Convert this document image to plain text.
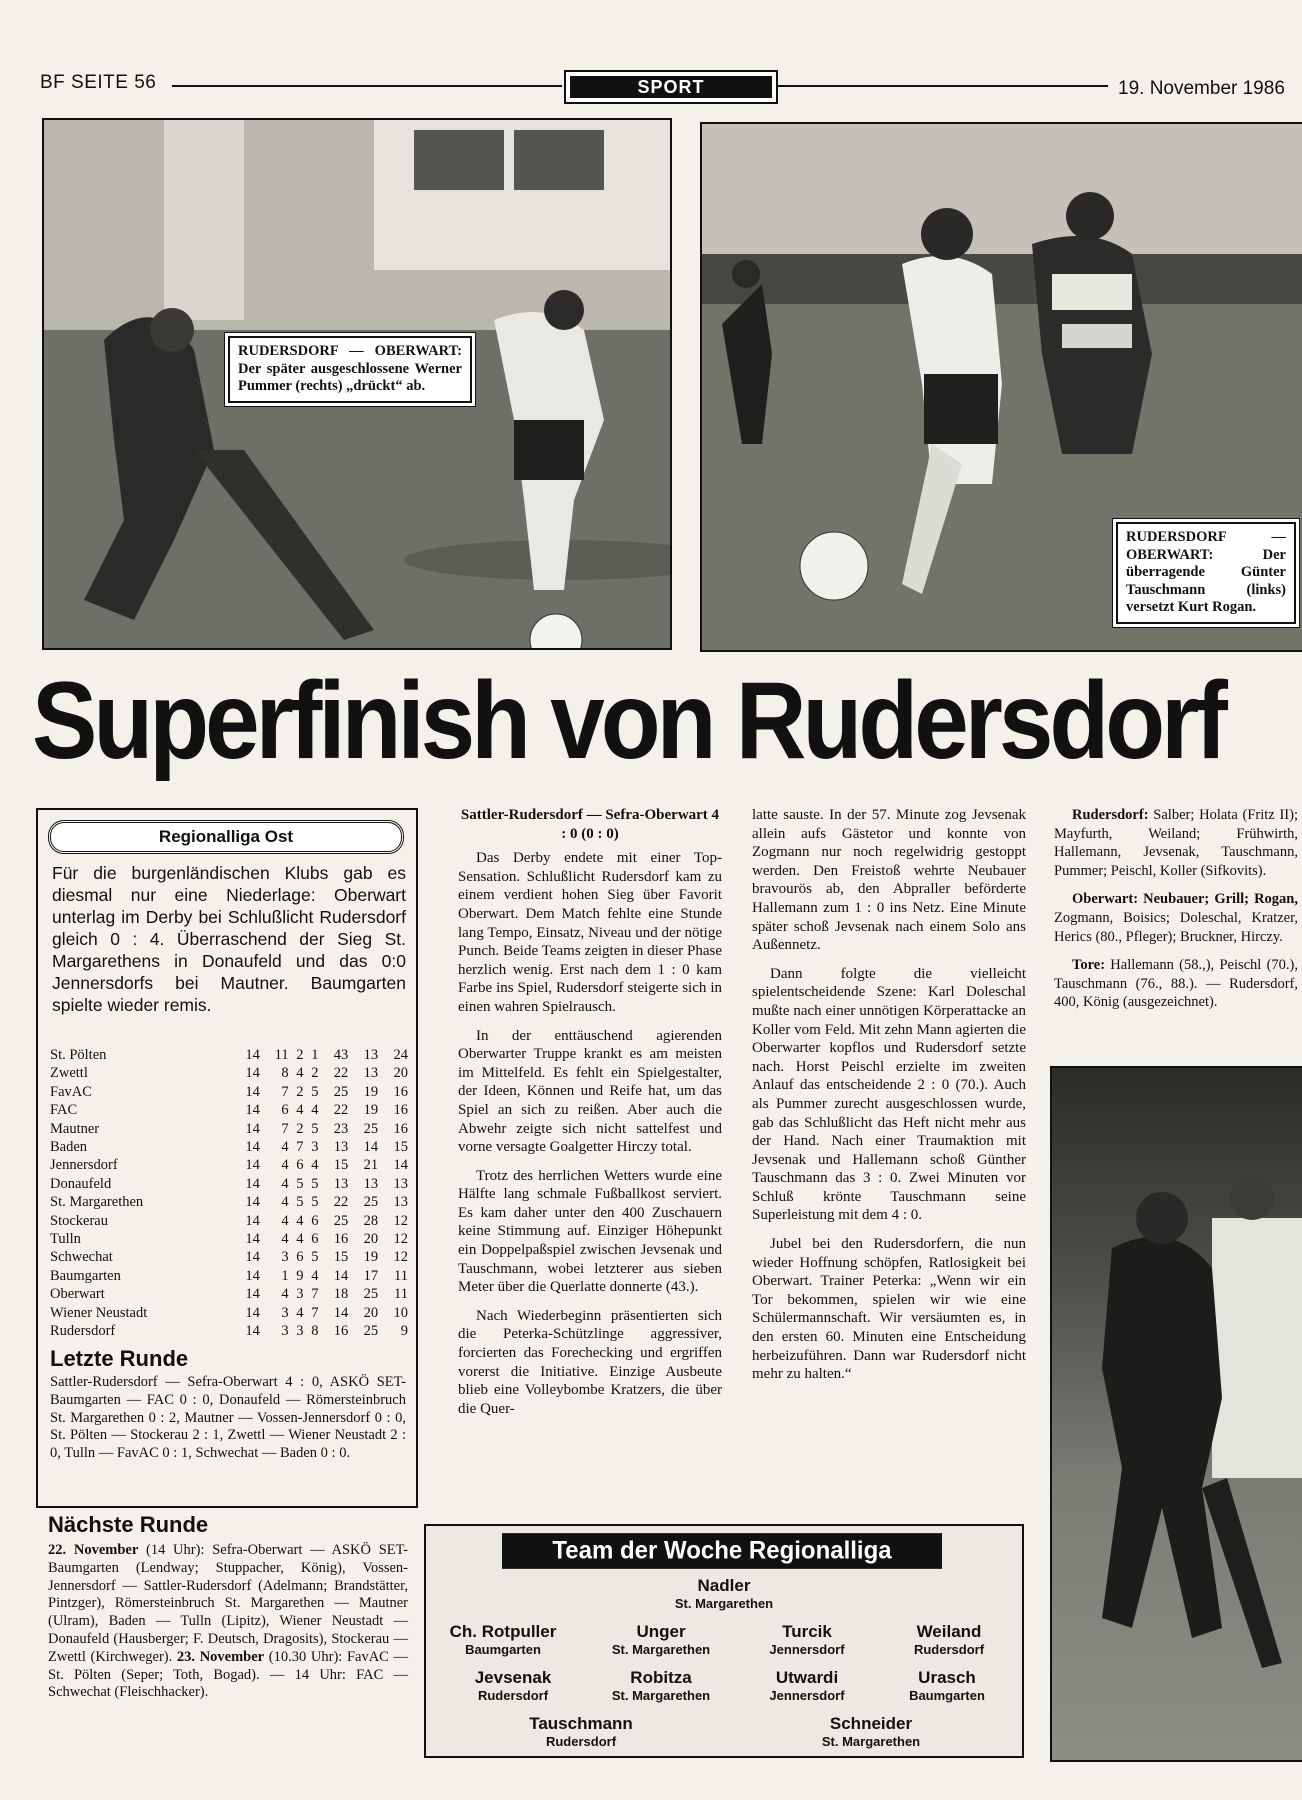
BF SEITE 56	SPORT	19. November 1986
RUDERSDORF — OBERWART: Der später ausgeschlossene Werner Pummer (rechts) „drückt“ ab.
RUDERSDORF — OBERWART: Der überragende Günter Tauschmann (links) versetzt Kurt Rogan.
Superfinish von Rudersdorf
Regionalliga Ost
Für die burgenländischen Klubs gab es diesmal nur eine Niederlage: Oberwart unterlag im Derby bei Schlußlicht Rudersdorf gleich 0 : 4. Überraschend der Sieg St. Margarethens in Donaufeld und das 0:0 Jennersdorfs bei Mautner. Baumgarten spielte wieder remis.
St. Pölten	14	11	2	1	43	13	24
Zwettl	14	8	4	2	22	13	20
FavAC	14	7	2	5	25	19	16
FAC	14	6	4	4	22	19	16
Mautner	14	7	2	5	23	25	16
Baden	14	4	7	3	13	14	15
Jennersdorf	14	4	6	4	15	21	14
Donaufeld	14	4	5	5	13	13	13
St. Margarethen	14	4	5	5	22	25	13
Stockerau	14	4	4	6	25	28	12
Tulln	14	4	4	6	16	20	12
Schwechat	14	3	6	5	15	19	12
Baumgarten	14	1	9	4	14	17	11
Oberwart	14	4	3	7	18	25	11
Wiener Neustadt	14	3	4	7	14	20	10
Rudersdorf	14	3	3	8	16	25	9
Letzte Runde
Sattler-Rudersdorf — Sefra-Oberwart 4 : 0, ASKÖ SET-Baumgarten — FAC 0 : 0, Donaufeld — Römersteinbruch St. Margarethen 0 : 2, Mautner — Vossen-Jennersdorf 0 : 0, St. Pölten — Stockerau 2 : 1, Zwettl — Wiener Neustadt 2 : 0, Tulln — FavAC 0 : 1, Schwechat — Baden 0 : 0.
Nächste Runde
22. November (14 Uhr): Sefra-Oberwart — ASKÖ SET-Baumgarten (Lendway; Stuppacher, König), Vossen-Jennersdorf — Sattler-Rudersdorf (Adelmann; Brandstätter, Pintzger), Römersteinbruch St. Margarethen — Mautner (Ulram), Baden — Tulln (Lipitz), Wiener Neustadt — Donaufeld (Hausberger; F. Deutsch, Dragosits), Stockerau — Zwettl (Kirchweger). 23. November (10.30 Uhr): FavAC — St. Pölten (Seper; Toth, Bogad). — 14 Uhr: FAC — Schwechat (Fleischhacker).

Sattler-Rudersdorf — Sefra-Oberwart 4 : 0 (0 : 0)

Das Derby endete mit einer Top-Sensation. Schlußlicht Rudersdorf kam zu einem verdient hohen Sieg über Favorit Oberwart. Dem Match fehlte eine Stunde lang Tempo, Einsatz, Niveau und der nötige Punch. Beide Teams zeigten in dieser Phase herzlich wenig. Erst nach dem 1 : 0 kam Farbe ins Spiel, Rudersdorf steigerte sich in einen wahren Spielrausch.

In der enttäuschend agierenden Oberwarter Truppe krankt es am meisten im Mittelfeld. Es fehlt ein Spielgestalter, der Ideen, Können und Reife hat, um das Spiel an sich zu reißen. Aber auch die Abwehr zeigte sich nicht sattelfest und vorne versagte Goalgetter Hirczy total.

Trotz des herrlichen Wetters wurde eine Hälfte lang schmale Fußballkost serviert. Es kam daher unter den 400 Zuschauern keine Stimmung auf. Einziger Höhepunkt ein Doppelpaßspiel zwischen Jevsenak und Tauschmann, wobei letzterer aus sieben Meter über die Querlatte donnerte (43.).

Nach Wiederbeginn präsentierten sich die Peterka-Schützlinge aggressiver, forcierten das Forechecking und ergriffen vorerst die Initiative. Einzige Ausbeute blieb eine Volleybombe Kratzers, die über die Quer-

latte sauste. In der 57. Minute zog Jevsenak allein aufs Gästetor und konnte von Zogmann nur noch regelwidrig gestoppt werden. Den Freistoß wehrte Neubauer bravourös ab, den Abpraller beförderte Hallemann zum 1 : 0 ins Netz. Eine Minute später schoß Jevsenak nach einem Solo ans Außennetz.

Dann folgte die vielleicht spielentscheidende Szene: Karl Doleschal mußte nach einer unnötigen Körperattacke an Koller vom Feld. Mit zehn Mann agierten die Oberwarter kopflos und Rudersdorf setzte nach. Horst Peischl erzielte im zweiten Anlauf das entscheidende 2 : 0 (70.). Auch als Pummer zurecht ausgeschlossen wurde, gab das Schlußlicht das Heft nicht mehr aus der Hand. Nach einer Traumaktion mit Jevsenak und Hallemann schoß Günther Tauschmann das 3 : 0. Zwei Minuten vor Schluß krönte Tauschmann seine Superleistung mit dem 4 : 0.

Jubel bei den Rudersdorfern, die nun wieder Hoffnung schöpfen, Ratlosigkeit bei Oberwart. Trainer Peterka: „Wenn wir ein Tor bekommen, spielen wir wie eine Schülermannschaft. Wir versäumten es, in den ersten 60. Minuten eine Entscheidung herbeizuführen. Dann war Rudersdorf nicht mehr zu halten.“

Rudersdorf: Salber; Holata (Fritz II); Mayfurth, Weiland; Frühwirth, Hallemann, Jevsenak, Tauschmann, Pummer; Peischl, Koller (Sifkovits).

Oberwart: Neubauer; Grill; Rogan, Zogmann, Boisics; Doleschal, Kratzer, Herics (80., Pfleger); Bruckner, Hirczy.

Tore: Hallemann (58.,), Peischl (70.), Tauschmann (76., 88.). — Rudersdorf, 400, König (ausgezeichnet).

Team der Woche Regionalliga
Nadler
St. Margarethen
Ch. Rotpuller
Baumgarten
Unger
St. Margarethen
Turcik
Jennersdorf
Weiland
Rudersdorf
Jevsenak
Rudersdorf
Robitza
St. Margarethen
Utwardi
Jennersdorf
Urasch
Baumgarten
Tauschmann
Rudersdorf
Schneider
St. Margarethen
